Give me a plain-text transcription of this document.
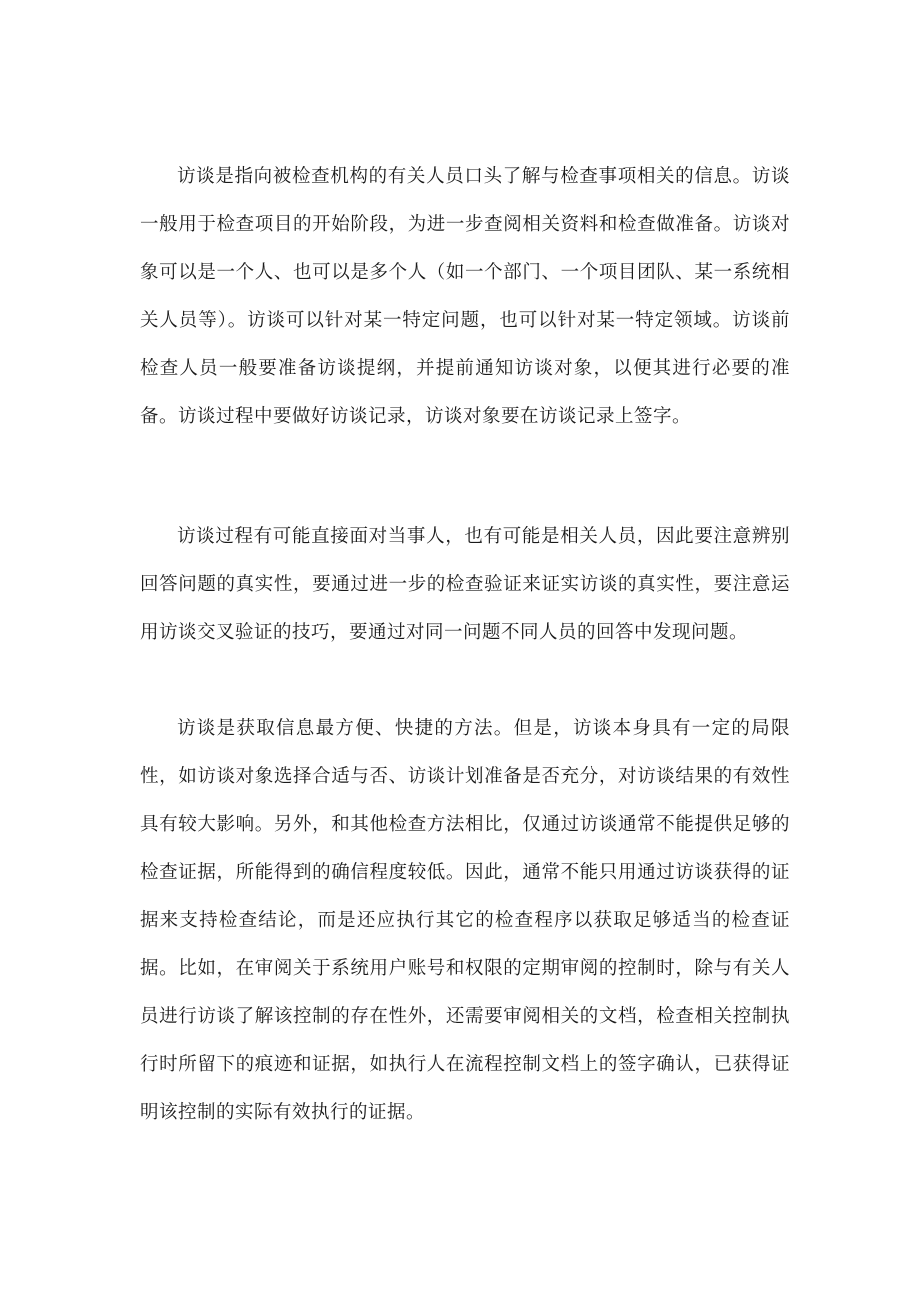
访谈是指向被检查机构的有关人员口头了解与检查事项相关的信息。访谈一般用于检查项目的开始阶段，为进一步查阅相关资料和检查做准备。访谈对象可以是一个人、也可以是多个人（如一个部门、一个项目团队、某一系统相关人员等）。访谈可以针对某一特定问题，也可以针对某一特定领域。访谈前检查人员一般要准备访谈提纲，并提前通知访谈对象，以便其进行必要的准备。访谈过程中要做好访谈记录，访谈对象要在访谈记录上签字。

访谈过程有可能直接面对当事人，也有可能是相关人员，因此要注意辨别回答问题的真实性，要通过进一步的检查验证来证实访谈的真实性，要注意运用访谈交叉验证的技巧，要通过对同一问题不同人员的回答中发现问题。

访谈是获取信息最方便、快捷的方法。但是，访谈本身具有一定的局限性，如访谈对象选择合适与否、访谈计划准备是否充分，对访谈结果的有效性具有较大影响。另外，和其他检查方法相比，仅通过访谈通常不能提供足够的检查证据，所能得到的确信程度较低。因此，通常不能只用通过访谈获得的证据来支持检查结论，而是还应执行其它的检查程序以获取足够适当的检查证据。比如，在审阅关于系统用户账号和权限的定期审阅的控制时，除与有关人员进行访谈了解该控制的存在性外，还需要审阅相关的文档，检查相关控制执行时所留下的痕迹和证据，如执行人在流程控制文档上的签字确认，已获得证明该控制的实际有效执行的证据。
